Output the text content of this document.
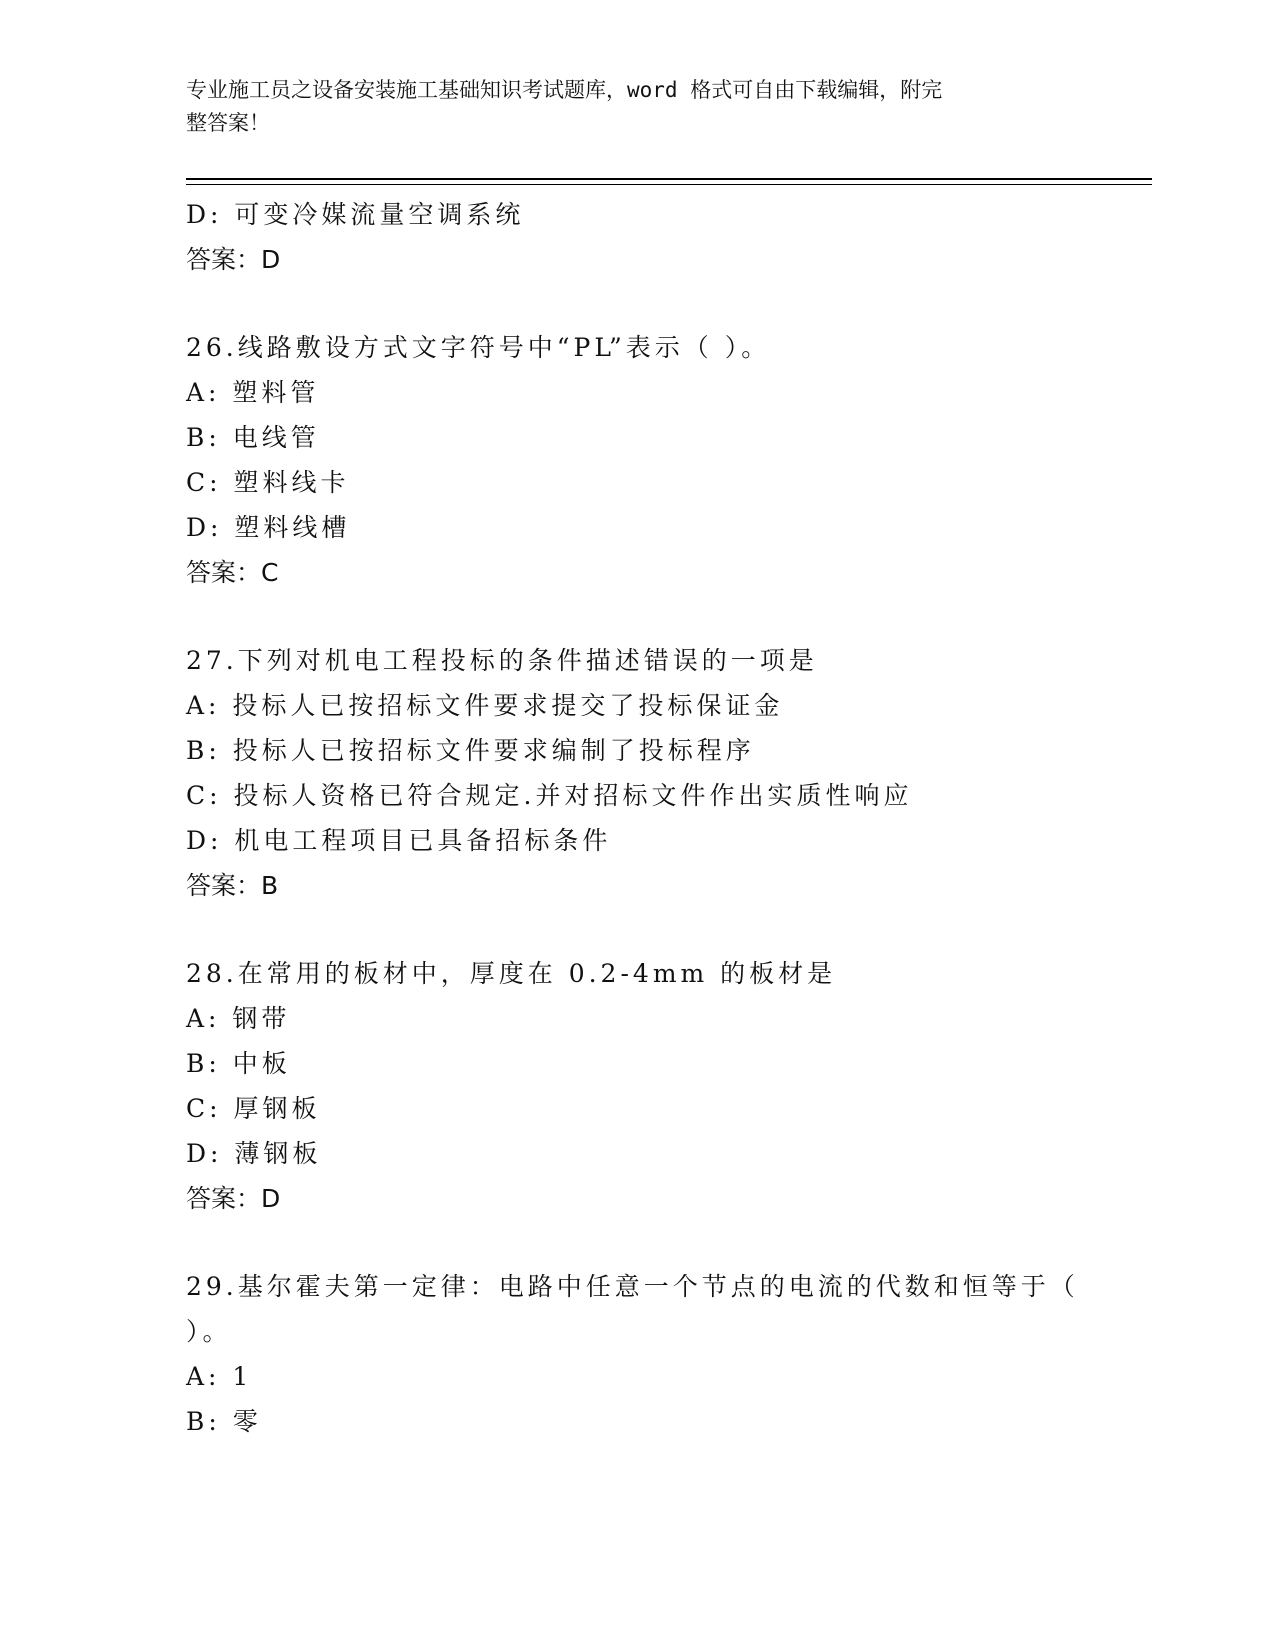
专业施工员之设备安装施工基础知识考试题库，word 格式可自由下载编辑，附完
整答案！
D: 可变冷媒流量空调系统
答案：D
26.线路敷设方式文字符号中“PL”表示（ ）。
A: 塑料管
B: 电线管
C: 塑料线卡
D: 塑料线槽
答案：C
27.下列对机电工程投标的条件描述错误的一项是
A: 投标人已按招标文件要求提交了投标保证金
B: 投标人已按招标文件要求编制了投标程序
C: 投标人资格已符合规定.并对招标文件作出实质性响应
D: 机电工程项目已具备招标条件
答案：B
28.在常用的板材中，厚度在 0.2-4mm 的板材是
A: 钢带
B: 中板
C: 厚钢板
D: 薄钢板
答案：D
29.基尔霍夫第一定律：电路中任意一个节点的电流的代数和恒等于（
）。
A: 1
B: 零
